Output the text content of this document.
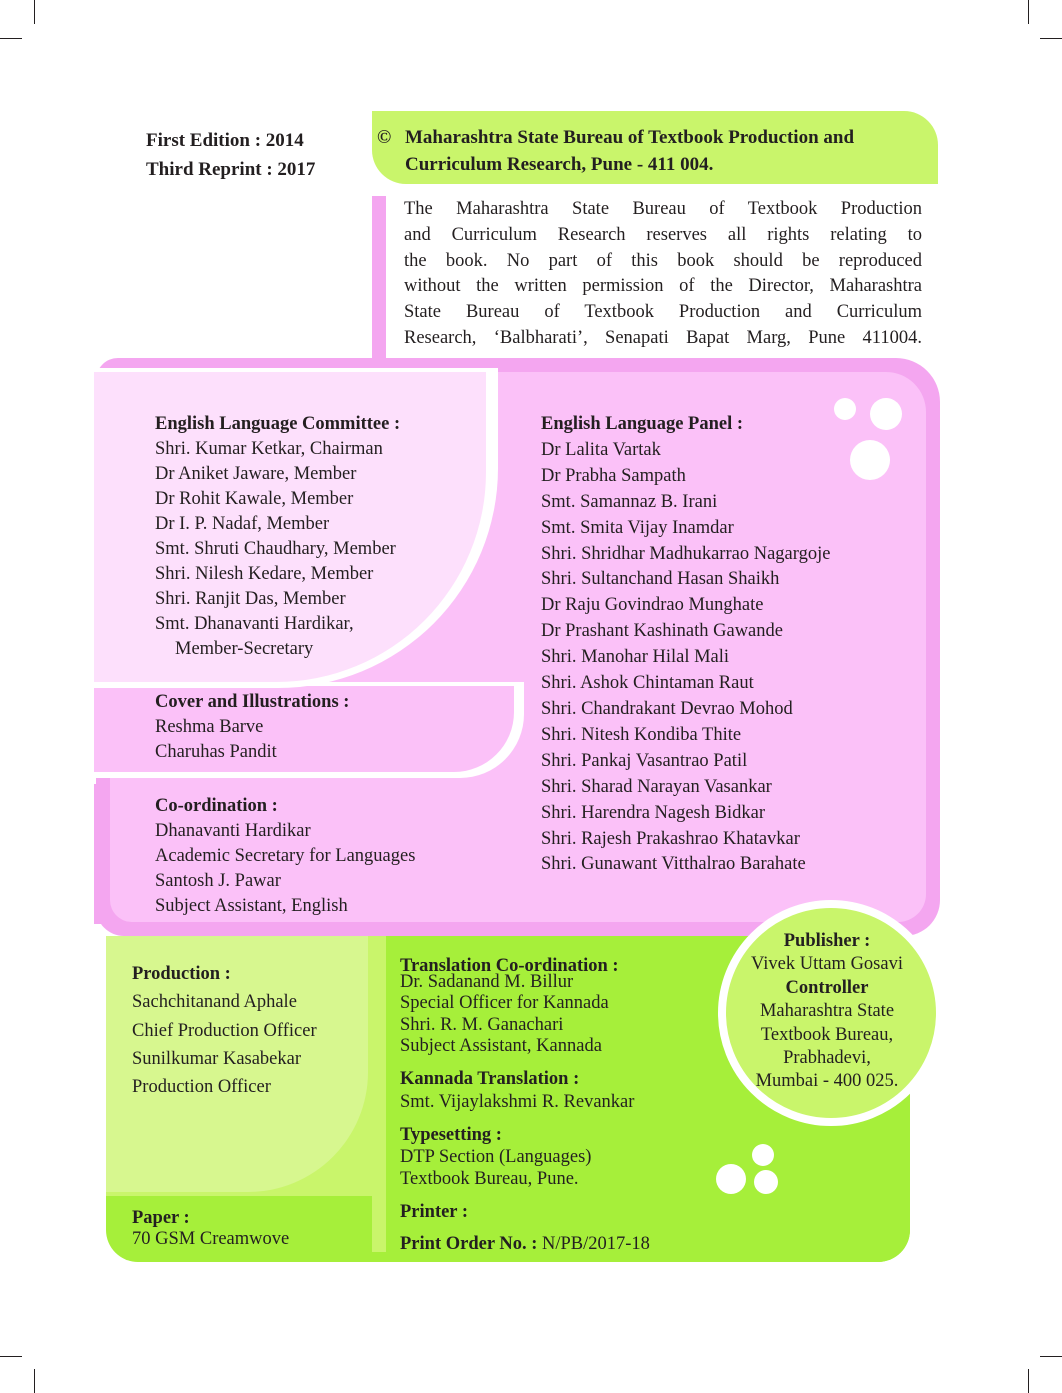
First Edition : 2014
Third Reprint : 2017
© Maharashtra State Bureau of Textbook Production and
Curriculum Research, Pune - 411 004.
The Maharashtra State Bureau of Textbook Production
and Curriculum Research reserves all rights relating to
the book. No part of this book should be reproduced
without the written permission of the Director, Maharashtra
State Bureau of Textbook Production and Curriculum
Research, ‘Balbharati’, Senapati Bapat Marg, Pune 411004.
English Language Committee :
Shri. Kumar Ketkar, Chairman
Dr Aniket Jaware, Member
Dr Rohit Kawale, Member
Dr I. P. Nadaf, Member
Smt. Shruti Chaudhary, Member
Shri. Nilesh Kedare, Member
Shri. Ranjit Das, Member
Smt. Dhanavanti Hardikar,
Member-Secretary
Cover and Illustrations :
Reshma Barve
Charuhas Pandit
Co-ordination :
Dhanavanti Hardikar
Academic Secretary for Languages
Santosh J. Pawar
Subject Assistant, English
English Language Panel :
Dr Lalita Vartak
Dr Prabha Sampath
Smt. Samannaz B. Irani
Smt. Smita Vijay Inamdar
Shri. Shridhar Madhukarrao Nagargoje
Shri. Sultanchand Hasan Shaikh
Dr Raju Govindrao Munghate
Dr Prashant Kashinath Gawande
Shri. Manohar Hilal Mali
Shri. Ashok Chintaman Raut
Shri. Chandrakant Devrao Mohod
Shri. Nitesh Kondiba Thite
Shri. Pankaj Vasantrao Patil
Shri. Sharad Narayan Vasankar
Shri. Harendra Nagesh Bidkar
Shri. Rajesh Prakashrao Khatavkar
Shri. Gunawant Vitthalrao Barahate
Production :
Sachchitanand Aphale
Chief Production Officer
Sunilkumar Kasabekar
Production Officer
Paper :
70 GSM Creamwove
Translation Co-ordination :
Dr. Sadanand M. Billur
Special Officer for Kannada
Shri. R. M. Ganachari
Subject Assistant, Kannada
Kannada Translation :
Smt. Vijaylakshmi R. Revankar
Typesetting :
DTP Section (Languages)
Textbook Bureau, Pune.
Printer :
Print Order No. : N/PB/2017-18
Publisher :
Vivek Uttam Gosavi
Controller
Maharashtra State
Textbook Bureau,
Prabhadevi,
Mumbai - 400 025.
